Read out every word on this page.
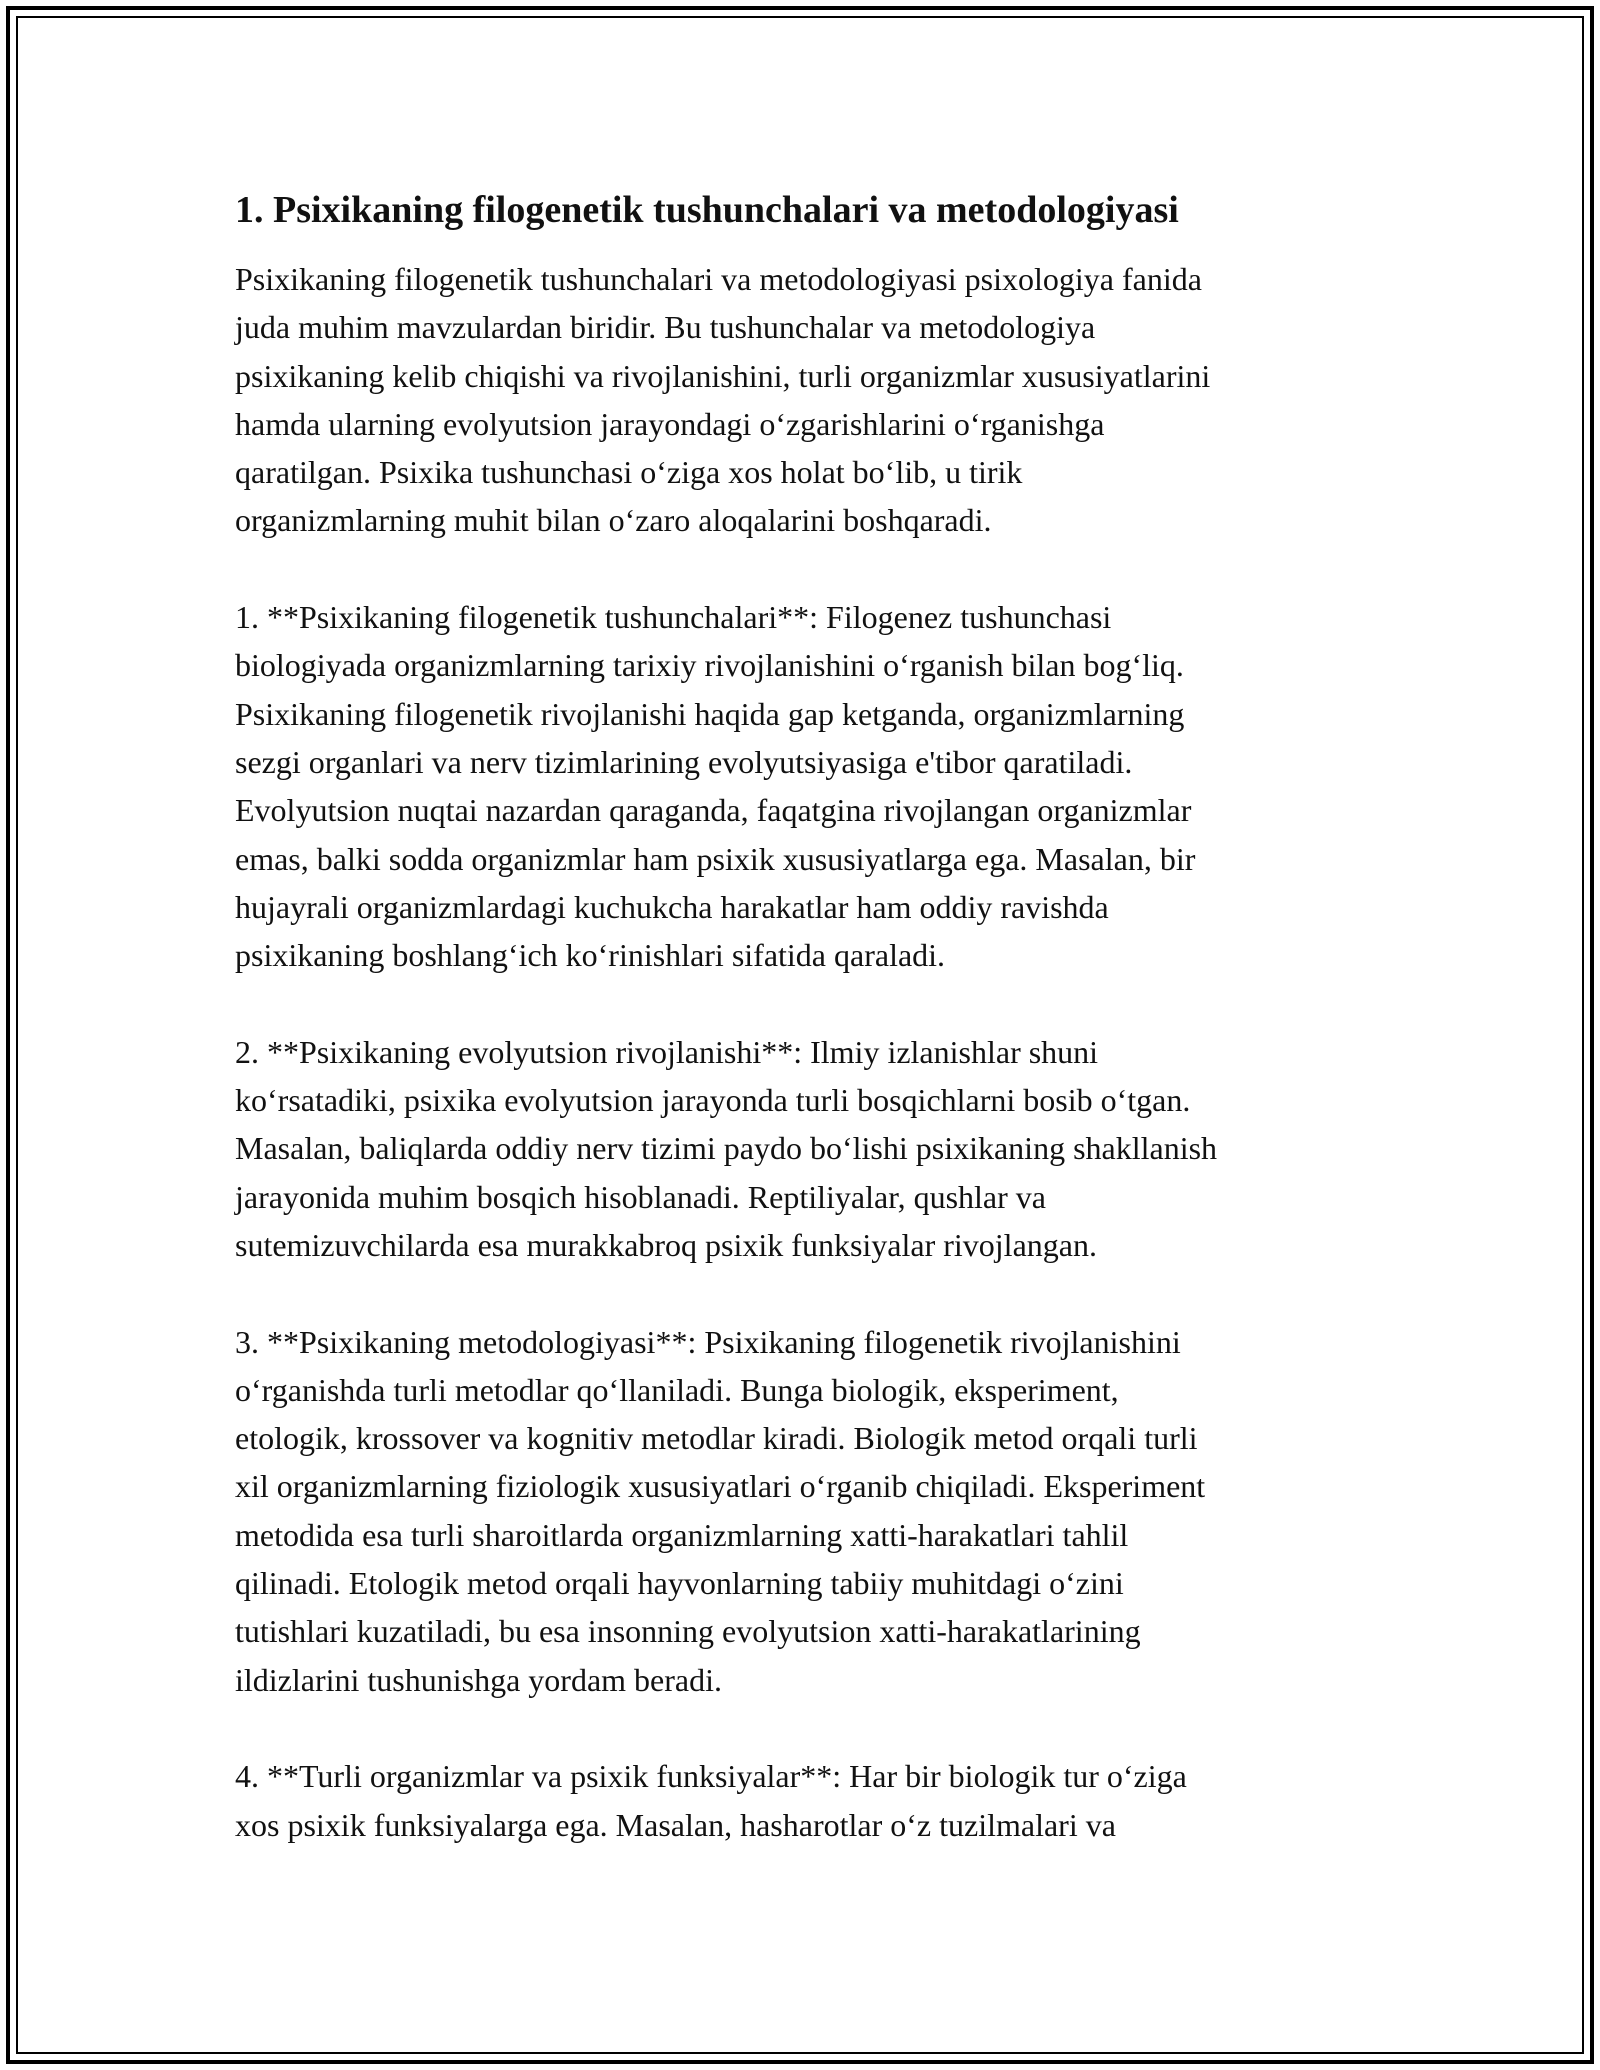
1. Psixikaning filogenetik tushunchalari va metodologiyasi

Psixikaning filogenetik tushunchalari va metodologiyasi psixologiya fanida
juda muhim mavzulardan biridir. Bu tushunchalar va metodologiya
psixikaning kelib chiqishi va rivojlanishini, turli organizmlar xususiyatlarini
hamda ularning evolyutsion jarayondagi o‘zgarishlarini o‘rganishga
qaratilgan. Psixika tushunchasi o‘ziga xos holat bo‘lib, u tirik
organizmlarning muhit bilan o‘zaro aloqalarini boshqaradi.

1. **Psixikaning filogenetik tushunchalari**: Filogenez tushunchasi
biologiyada organizmlarning tarixiy rivojlanishini o‘rganish bilan bog‘liq.
Psixikaning filogenetik rivojlanishi haqida gap ketganda, organizmlarning
sezgi organlari va nerv tizimlarining evolyutsiyasiga e'tibor qaratiladi.
Evolyutsion nuqtai nazardan qaraganda, faqatgina rivojlangan organizmlar
emas, balki sodda organizmlar ham psixik xususiyatlarga ega. Masalan, bir
hujayrali organizmlardagi kuchukcha harakatlar ham oddiy ravishda
psixikaning boshlang‘ich ko‘rinishlari sifatida qaraladi.

2. **Psixikaning evolyutsion rivojlanishi**: Ilmiy izlanishlar shuni
ko‘rsatadiki, psixika evolyutsion jarayonda turli bosqichlarni bosib o‘tgan.
Masalan, baliqlarda oddiy nerv tizimi paydo bo‘lishi psixikaning shakllanish
jarayonida muhim bosqich hisoblanadi. Reptiliyalar, qushlar va
sutemizuvchilarda esa murakkabroq psixik funksiyalar rivojlangan.

3. **Psixikaning metodologiyasi**: Psixikaning filogenetik rivojlanishini
o‘rganishda turli metodlar qo‘llaniladi. Bunga biologik, eksperiment,
etologik, krossover va kognitiv metodlar kiradi. Biologik metod orqali turli
xil organizmlarning fiziologik xususiyatlari o‘rganib chiqiladi. Eksperiment
metodida esa turli sharoitlarda organizmlarning xatti-harakatlari tahlil
qilinadi. Etologik metod orqali hayvonlarning tabiiy muhitdagi o‘zini
tutishlari kuzatiladi, bu esa insonning evolyutsion xatti-harakatlarining
ildizlarini tushunishga yordam beradi.

4. **Turli organizmlar va psixik funksiyalar**: Har bir biologik tur o‘ziga
xos psixik funksiyalarga ega. Masalan, hasharotlar o‘z tuzilmalari va
